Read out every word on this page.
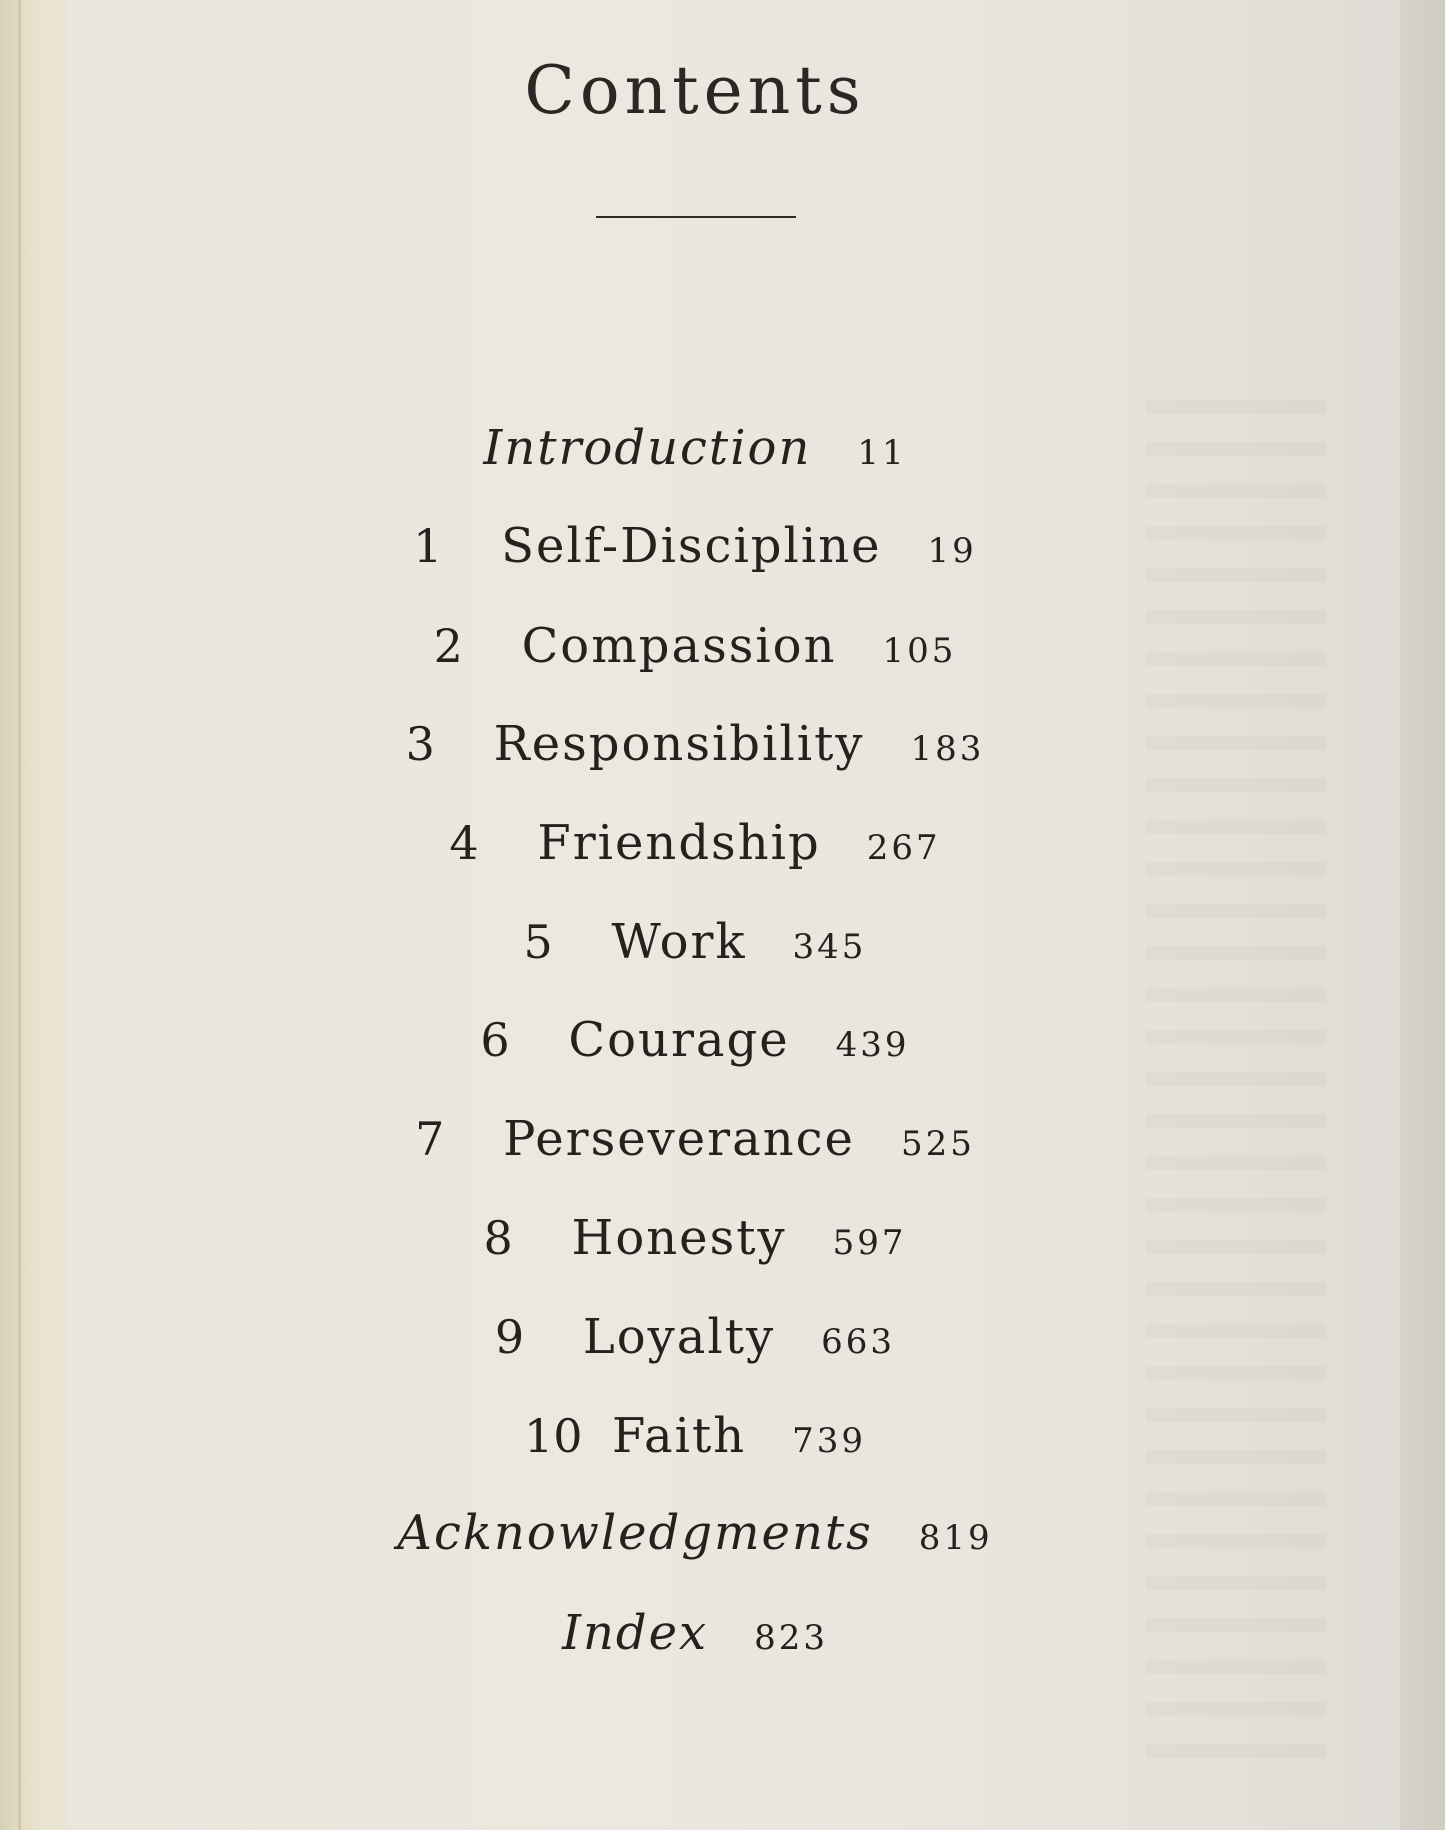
Contents
Introduction 11
1 Self-Discipline 19
2 Compassion 105
3 Responsibility 183
4 Friendship 267
5 Work 345
6 Courage 439
7 Perseverance 525
8 Honesty 597
9 Loyalty 663
10 Faith 739
Acknowledgments 819
Index 823
